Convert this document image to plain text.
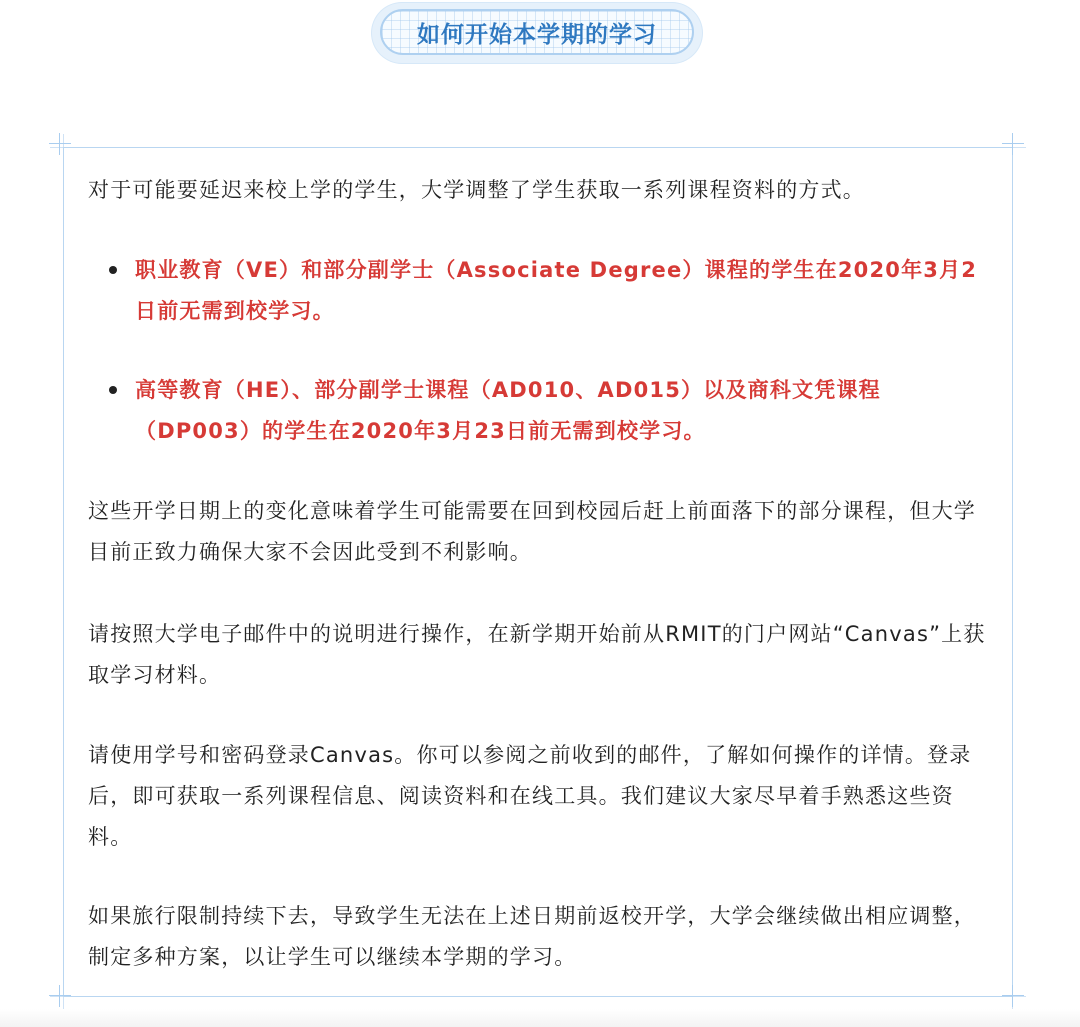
如何开始本学期的学习

对于可能要延迟来校上学的学生，大学调整了学生获取一系列课程资料的方式。

职业教育（VE）和部分副学士（Associate Degree）课程的学生在2020年3月2日前无需到校学习。
高等教育（HE）、部分副学士课程（AD010、AD015）以及商科文凭课程（DP003）的学生在2020年3月23日前无需到校学习。

这些开学日期上的变化意味着学生可能需要在回到校园后赶上前面落下的部分课程，但大学目前正致力确保大家不会因此受到不利影响。

请按照大学电子邮件中的说明进行操作，在新学期开始前从RMIT的门户网站“Canvas”上获取学习材料。

请使用学号和密码登录Canvas。你可以参阅之前收到的邮件，了解如何操作的详情。登录后，即可获取一系列课程信息、阅读资料和在线工具。我们建议大家尽早着手熟悉这些资料。

如果旅行限制持续下去，导致学生无法在上述日期前返校开学，大学会继续做出相应调整，制定多种方案，以让学生可以继续本学期的学习。
